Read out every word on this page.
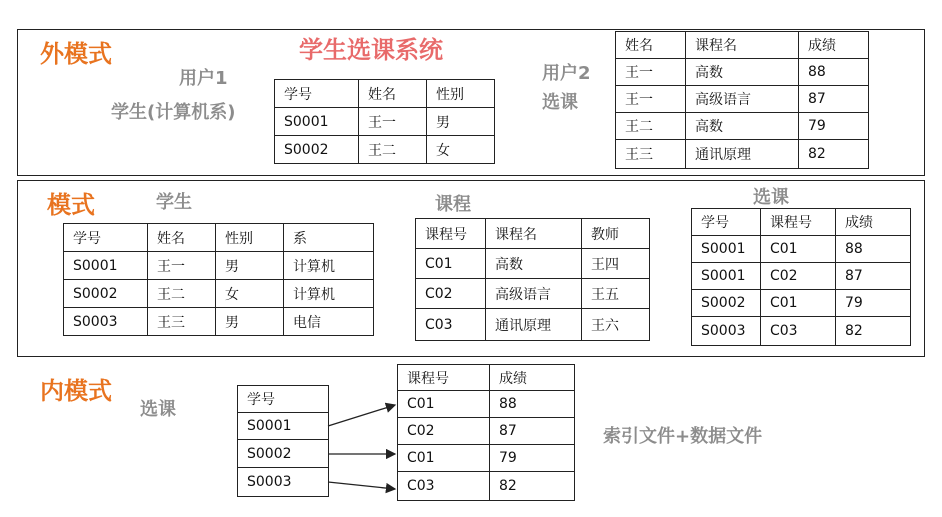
外模式	学生选课系统
用户1
学生(计算机系)
用户2
选课
学号	姓名	性别
S0001	王一	男
S0002	王二	女
姓名	课程名	成绩
王一	高数	88
王一	高级语言	87
王二	高数	79
王三	通讯原理	82
模式	学生	课程	选课
学号	姓名	性别	系
S0001	王一	男	计算机
S0002	王二	女	计算机
S0003	王三	男	电信
课程号	课程名	教师
C01	高数	王四
C02	高级语言	王五
C03	通讯原理	王六
学号	课程号	成绩
S0001	C01	88
S0001	C02	87
S0002	C01	79
S0003	C03	82
内模式
选课	学号
S0001
S0002
S0003
课程号	成绩
C01	88
C02	87
C01	79
C03	82
索引文件+数据文件
